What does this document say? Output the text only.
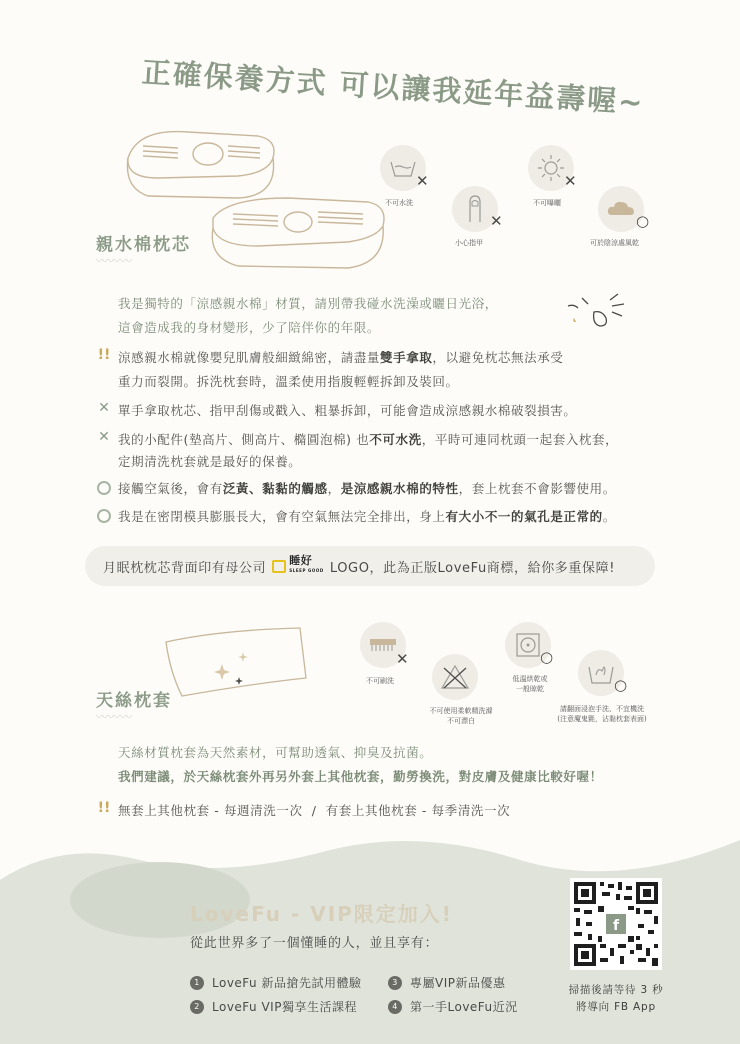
正確保養方式 可以讓我延年益壽喔~
親水棉枕芯
〰〰〰
✕
不可水洗
✕
不可曝曬
✕
小心指甲
○
可於陰涼處風乾
我是獨特的「涼感親水棉」材質，請別帶我碰水洗澡或曬日光浴，
這會造成我的身材變形，少了陪伴你的年限。
!! 涼感親水棉就像嬰兒肌膚般細緻綿密，請盡量雙手拿取，以避免枕芯無法承受
重力而裂開。拆洗枕套時，溫柔使用指腹輕輕拆卸及裝回。
✕ 單手拿取枕芯、指甲刮傷或戳入、粗暴拆卸，可能會造成涼感親水棉破裂損害。
✕ 我的小配件(墊高片、側高片、橢圓泡棉) 也不可水洗，平時可連同枕頭一起套入枕套，
定期清洗枕套就是最好的保養。
接觸空氣後，會有泛黃、黏黏的觸感，是涼感親水棉的特性，套上枕套不會影響使用。
我是在密閉模具膨脹長大，會有空氣無法完全排出，身上有大小不一的氣孔是正常的。
月眠枕枕芯背面印有母公司 睡好
SLEEP GOOD LOGO，此為正版LoveFu商標，給你多重保障!
天絲枕套
〰〰〰
✕
不可刷洗
不可使用柔軟精洗滌
不可漂白
○
低溫烘乾或
一般晾乾	○
請翻面浸泡手洗、不宜機洗
(注意魔鬼氈，沾黏枕套表面)
天絲材質枕套為天然素材，可幫助透氣、抑臭及抗菌。
我們建議，於天絲枕套外再另外套上其他枕套，勤勞換洗，對皮膚及健康比較好喔！
!! 無套上其他枕套 - 每週清洗一次  /  有套上其他枕套 - 每季清洗一次
LoveFu - VIP限定加入!
從此世界多了一個懂睡的人，並且享有：
1	LoveFu 新品搶先試用體驗
2	LoveFu VIP獨享生活課程
3	專屬VIP新品優惠
4	第一手LoveFu近況
f
掃描後請等待 3 秒
將導向 FB App
